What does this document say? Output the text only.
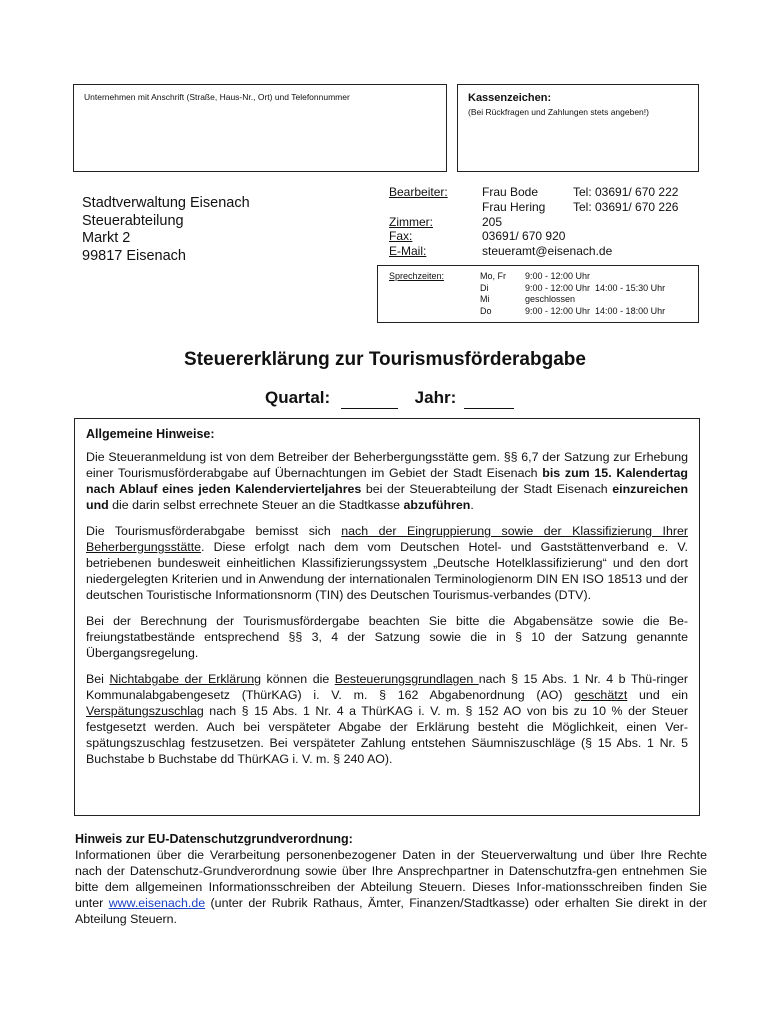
Unternehmen mit Anschrift (Straße, Haus-Nr., Ort) und Telefonnummer	Kassenzeichen:
(Bei Rückfragen und Zahlungen stets angeben!)
Stadtverwaltung Eisenach
Steuerabteilung
Markt 2
99817 Eisenach
Bearbeiter:	Frau Bode	Tel: 03691/ 670 222
Frau Hering Tel: 03691/ 670 226
Zimmer:	205
Fax:	03691/ 670 920
E-Mail:	steueramt@eisenach.de
Sprechzeiten:	Mo, Fr 9:00 - 12:00 Uhr
Di	9:00 - 12:00 Uhr  14:00 - 15:30 Uhr
Mi	geschlossen
Do	9:00 - 12:00 Uhr  14:00 - 18:00 Uhr
Steuererklärung zur Tourismusförderabgabe
Quartal:	Jahr:
Allgemeine Hinweise:

Die Steueranmeldung ist von dem Betreiber der Beherbergungsstätte gem. §§ 6,7 der Satzung zur Erhebung einer Tourismusförderabgabe auf Übernachtungen im Gebiet der Stadt Eisenach bis zum 15. Kalendertag nach Ablauf eines jeden Kalendervierteljahres bei der Steuerabteilung der Stadt Eisenach einzureichen und die darin selbst errechnete Steuer an die Stadtkasse abzuführen.

Die Tourismusförderabgabe bemisst sich nach der Eingruppierung sowie der Klassifizierung Ihrer Beherbergungsstätte. Diese erfolgt nach dem vom Deutschen Hotel- und Gaststättenverband e. V. betriebenen bundesweit einheitlichen Klassifizierungssystem „Deutsche Hotelklassifizierung“ und den dort niedergelegten Kriterien und in Anwendung der internationalen Terminologienorm DIN EN ISO 18513 und der deutschen Touristische Informationsnorm (TIN) des Deutschen Tourismus-verbandes (DTV).

Bei der Berechnung der Tourismusfördergabe beachten Sie bitte die Abgabensätze sowie die Be-freiungstatbestände entsprechend §§ 3, 4 der Satzung sowie die in § 10 der Satzung genannte Übergangsregelung.

Bei Nichtabgabe der Erklärung können die Besteuerungsgrundlagen nach § 15 Abs. 1 Nr. 4 b Thü-ringer Kommunalabgabengesetz (ThürKAG) i. V. m. § 162 Abgabenordnung (AO) geschätzt und ein Verspätungszuschlag nach § 15 Abs. 1 Nr. 4 a ThürKAG i. V. m. § 152 AO von bis zu 10 % der Steuer festgesetzt werden. Auch bei verspäteter Abgabe der Erklärung besteht die Möglichkeit, einen Ver-spätungszuschlag festzusetzen. Bei verspäteter Zahlung entstehen Säumniszuschläge (§ 15 Abs. 1 Nr. 5 Buchstabe b Buchstabe dd ThürKAG i. V. m. § 240 AO).

Hinweis zur EU-Datenschutzgrundverordnung:

Informationen über die Verarbeitung personenbezogener Daten in der Steuerverwaltung und über Ihre Rechte nach der Datenschutz-Grundverordnung sowie über Ihre Ansprechpartner in Datenschutzfra-gen entnehmen Sie bitte dem allgemeinen Informationsschreiben der Abteilung Steuern. Dieses Infor-mationsschreiben finden Sie unter www.eisenach.de (unter der Rubrik Rathaus, Ämter, Finanzen/Stadtkasse) oder erhalten Sie direkt in der Abteilung Steuern.
